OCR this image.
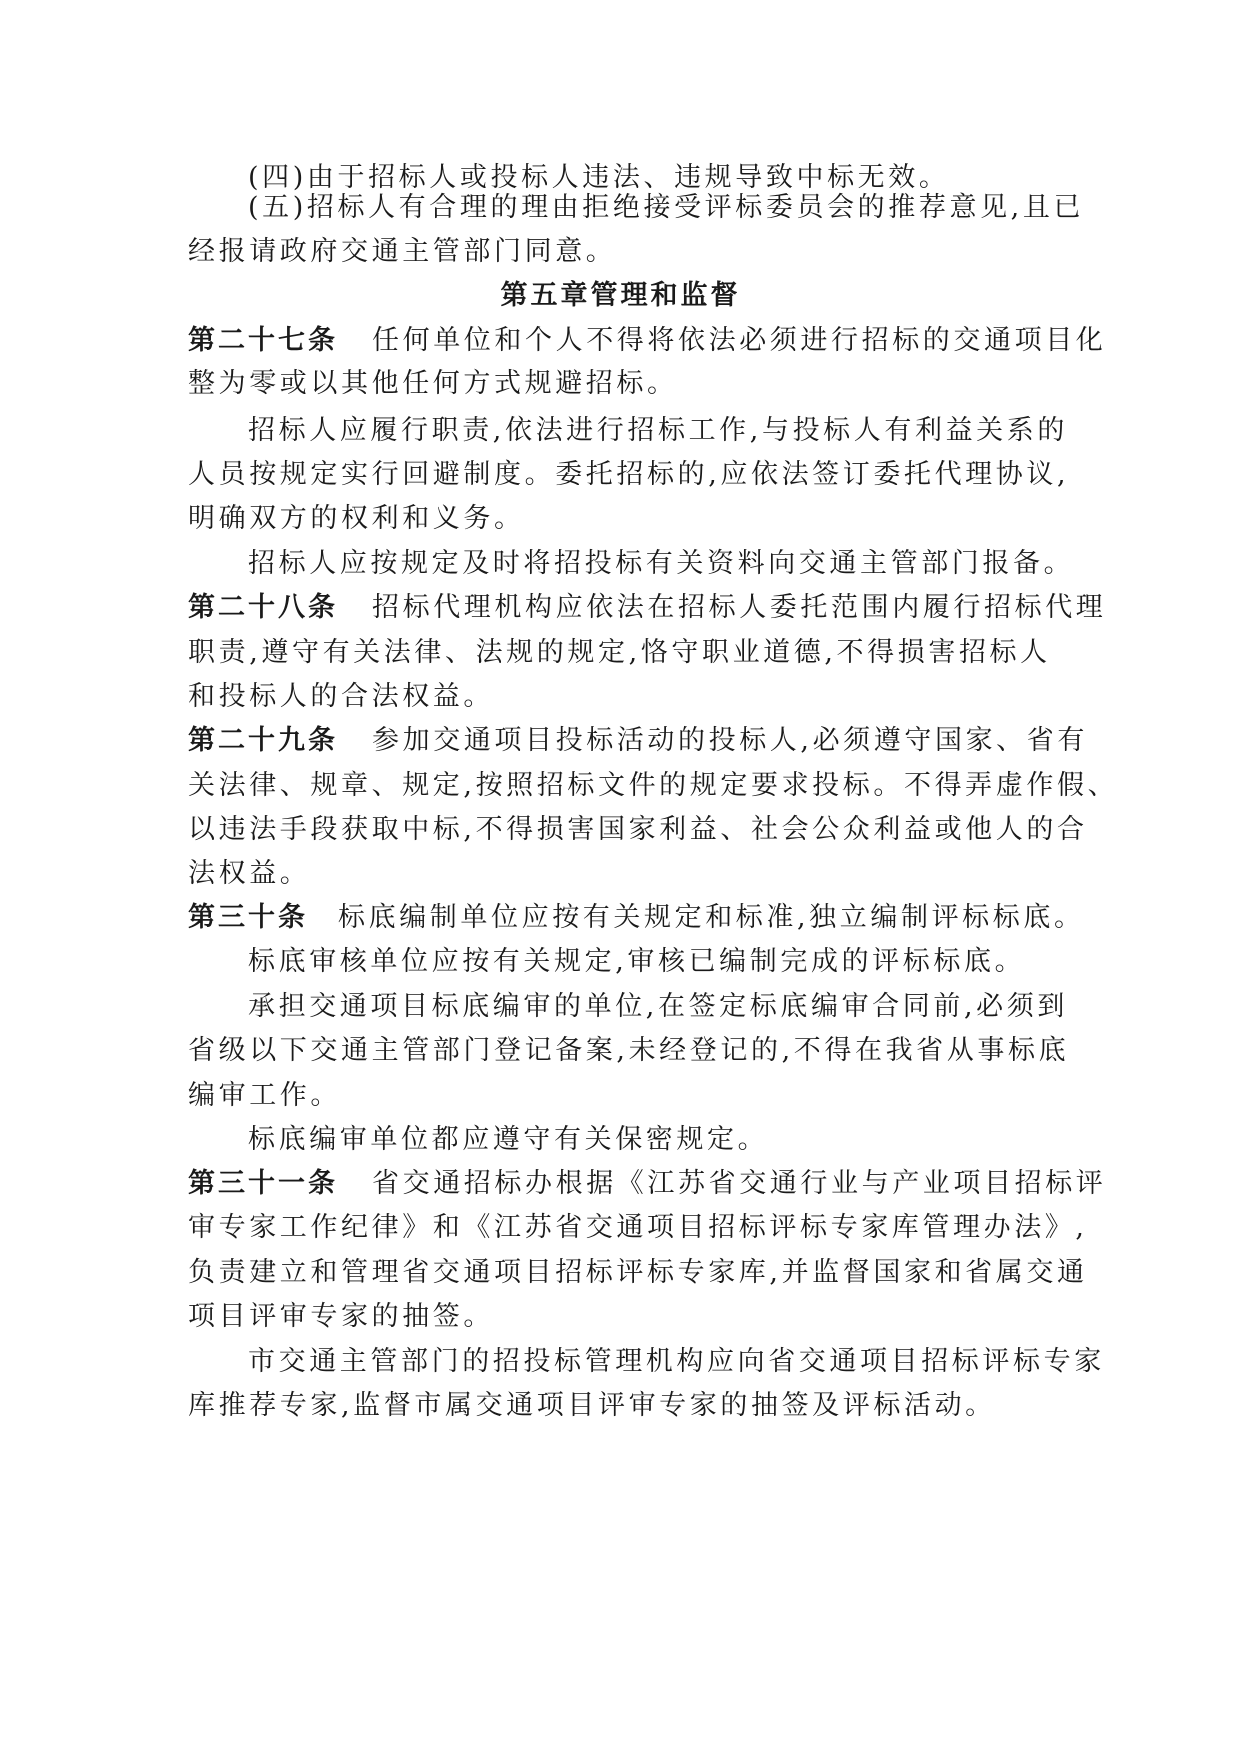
(四)由于招标人或投标人违法、违规导致中标无效。
(五)招标人有合理的理由拒绝接受评标委员会的推荐意见,且已
经报请政府交通主管部门同意。
第五章管理和监督
第二十七条 任何单位和个人不得将依法必须进行招标的交通项目化
整为零或以其他任何方式规避招标。
招标人应履行职责,依法进行招标工作,与投标人有利益关系的
人员按规定实行回避制度。委托招标的,应依法签订委托代理协议,
明确双方的权利和义务。
招标人应按规定及时将招投标有关资料向交通主管部门报备。
第二十八条 招标代理机构应依法在招标人委托范围内履行招标代理
职责,遵守有关法律、法规的规定,恪守职业道德,不得损害招标人
和投标人的合法权益。
第二十九条 参加交通项目投标活动的投标人,必须遵守国家、省有
关法律、规章、规定,按照招标文件的规定要求投标。不得弄虚作假、
以违法手段获取中标,不得损害国家利益、社会公众利益或他人的合
法权益。
第三十条 标底编制单位应按有关规定和标准,独立编制评标标底。
标底审核单位应按有关规定,审核已编制完成的评标标底。
承担交通项目标底编审的单位,在签定标底编审合同前,必须到
省级以下交通主管部门登记备案,未经登记的,不得在我省从事标底
编审工作。
标底编审单位都应遵守有关保密规定。
第三十一条 省交通招标办根据《江苏省交通行业与产业项目招标评
审专家工作纪律》和《江苏省交通项目招标评标专家库管理办法》,
负责建立和管理省交通项目招标评标专家库,并监督国家和省属交通
项目评审专家的抽签。
市交通主管部门的招投标管理机构应向省交通项目招标评标专家
库推荐专家,监督市属交通项目评审专家的抽签及评标活动。
